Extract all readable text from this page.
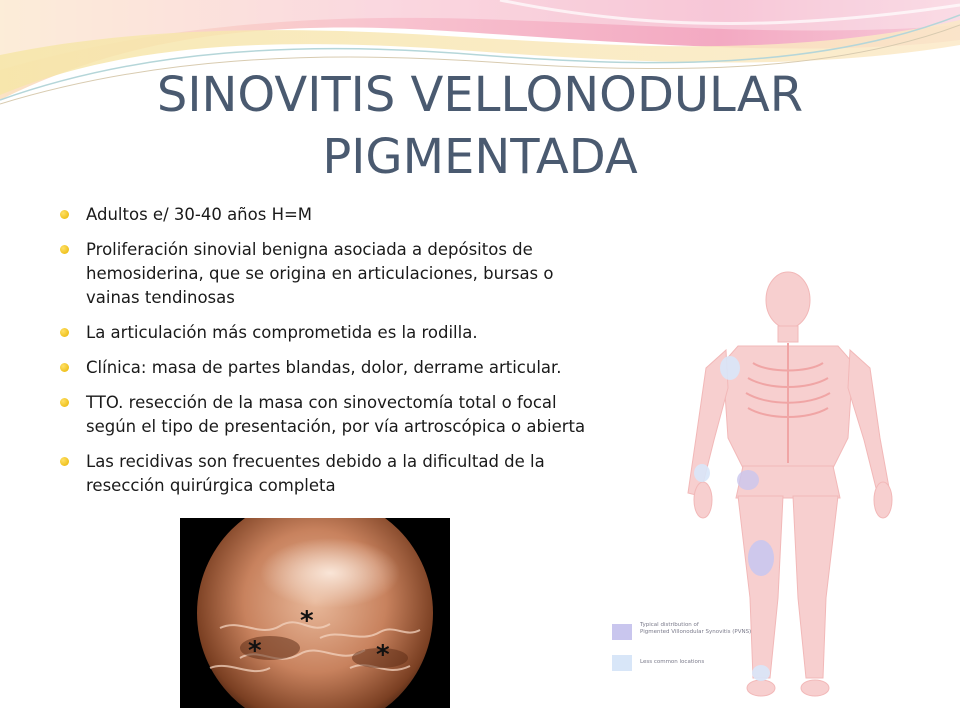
SINOVITIS VELLONODULAR
PIGMENTADA
Typical distribution of
Pigmented Villonodular Synovitis (PVNS)
Less common locations
Adultos e/ 30-40 años H=M
Proliferación sinovial benigna asociada a depósitos de
hemosiderina, que se origina en articulaciones, bursas o
vainas tendinosas
La articulación más comprometida es la rodilla.
Clínica: masa de partes blandas, dolor, derrame articular.
TTO. resección de la masa con sinovectomía total o focal
según el tipo de presentación, por vía artroscópica o abierta
Las recidivas son frecuentes debido a la dificultad de la
resección quirúrgica completa
*
*	*
